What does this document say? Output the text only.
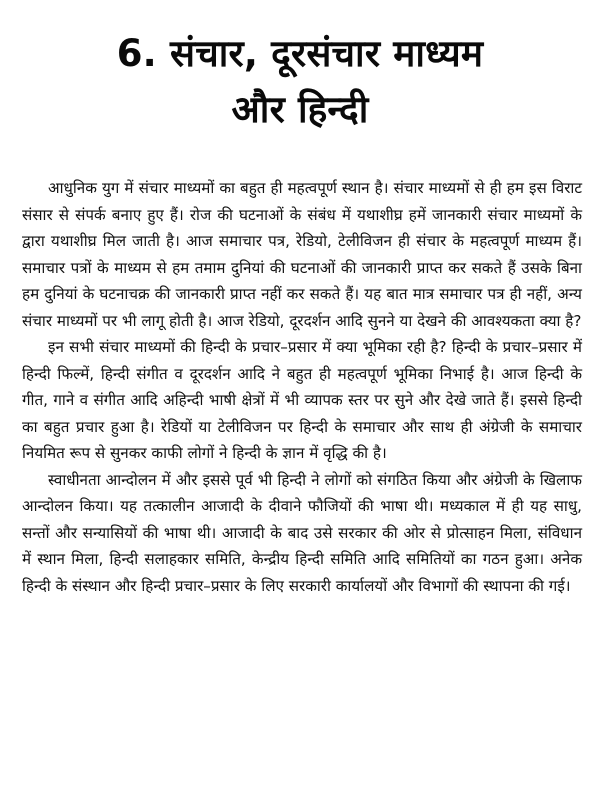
6. संचार, दूरसंचार माध्यम
और हिन्दी

आधुनिक युग में संचार माध्यमों का बहुत ही महत्वपूर्ण स्थान है। संचार माध्यमों से ही हम इस विराट संसार से संपर्क बनाए हुए हैं। रोज की घटनाओं के संबंध में यथाशीघ्र हमें जानकारी संचार माध्यमों के द्वारा यथाशीघ्र मिल जाती है। आज समाचार पत्र, रेडियो, टेलीविजन ही संचार के महत्वपूर्ण माध्यम हैं। समाचार पत्रों के माध्यम से हम तमाम दुनियां की घटनाओं की जानकारी प्राप्त कर सकते हैं उसके बिना हम दुनियां के घटनाचक्र की जानकारी प्राप्त नहीं कर सकते हैं। यह बात मात्र समाचार पत्र ही नहीं, अन्य संचार माध्यमों पर भी लागू होती है। आज रेडियो, दूरदर्शन आदि सुनने या देखने की आवश्यकता क्या है?

इन सभी संचार माध्यमों की हिन्दी के प्रचार–प्रसार में क्या भूमिका रही है? हिन्दी के प्रचार–प्रसार में हिन्दी फिल्में, हिन्दी संगीत व दूरदर्शन आदि ने बहुत ही महत्वपूर्ण भूमिका निभाई है। आज हिन्दी के गीत, गाने व संगीत आदि अहिन्दी भाषी क्षेत्रों में भी व्यापक स्तर पर सुने और देखे जाते हैं। इससे हिन्दी का बहुत प्रचार हुआ है। रेडियों या टेलीविजन पर हिन्दी के समाचार और साथ ही अंग्रेजी के समाचार नियमित रूप से सुनकर काफी लोगों ने हिन्दी के ज्ञान में वृद्धि की है।

स्वाधीनता आन्दोलन में और इससे पूर्व भी हिन्दी ने लोगों को संगठित किया और अंग्रेजी के खिलाफ आन्दोलन किया। यह तत्कालीन आजादी के दीवाने फौजियों की भाषा थी। मध्यकाल में ही यह साधु, सन्तों और सन्यासियों की भाषा थी। आजादी के बाद उसे सरकार की ओर से प्रोत्साहन मिला, संविधान में स्थान मिला, हिन्दी सलाहकार समिति, केन्द्रीय हिन्दी समिति आदि समितियों का गठन हुआ। अनेक हिन्दी के संस्थान और हिन्दी प्रचार–प्रसार के लिए सरकारी कार्यालयों और विभागों की स्थापना की गई।
